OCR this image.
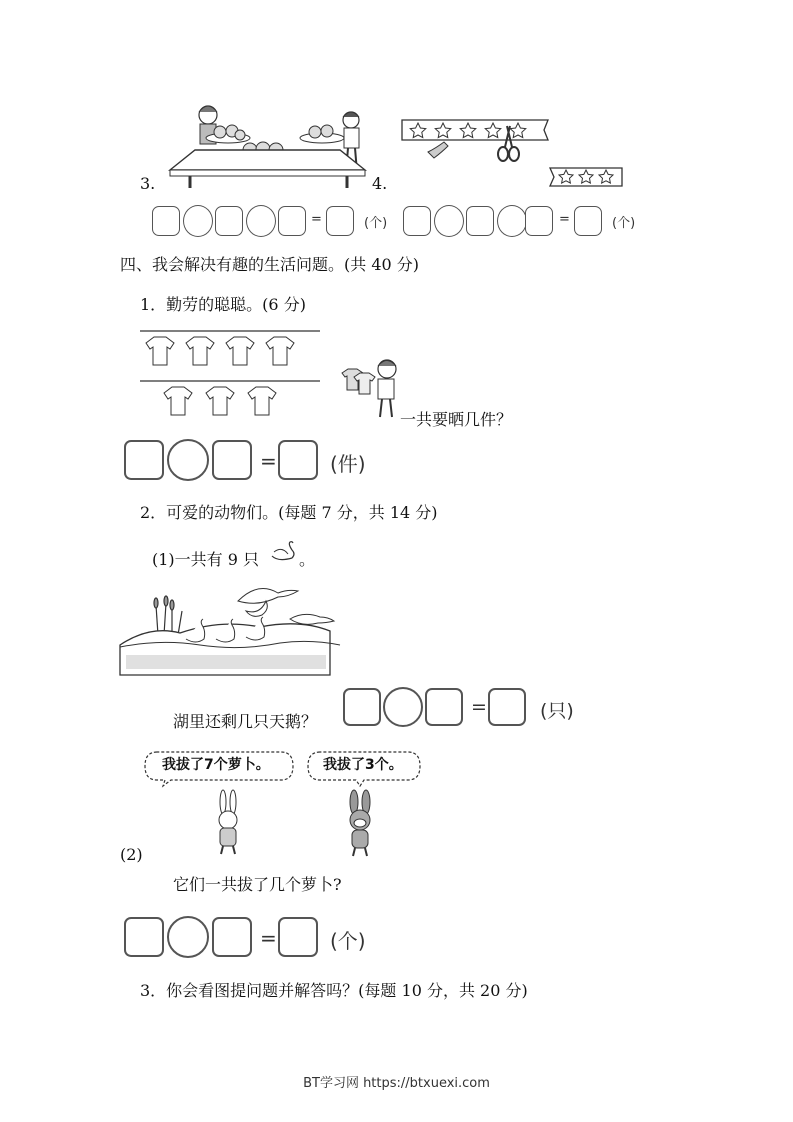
3.	4.
=	(个)	=	(个)
四、我会解决有趣的生活问题。(共 40 分)
1．勤劳的聪聪。(6 分)
一共要晒几件？
=	(件)
2．可爱的动物们。(每题 7 分，共 14 分)
(1)一共有 9 只 。
湖里还剩几只天鹅？
=	(只)
我拔了7个萝卜。	我拔了3个。
(2)
它们一共拔了几个萝卜?
=	(个)
3．你会看图提问题并解答吗？(每题 10 分，共 20 分)
BT学习网 https://btxuexi.com
